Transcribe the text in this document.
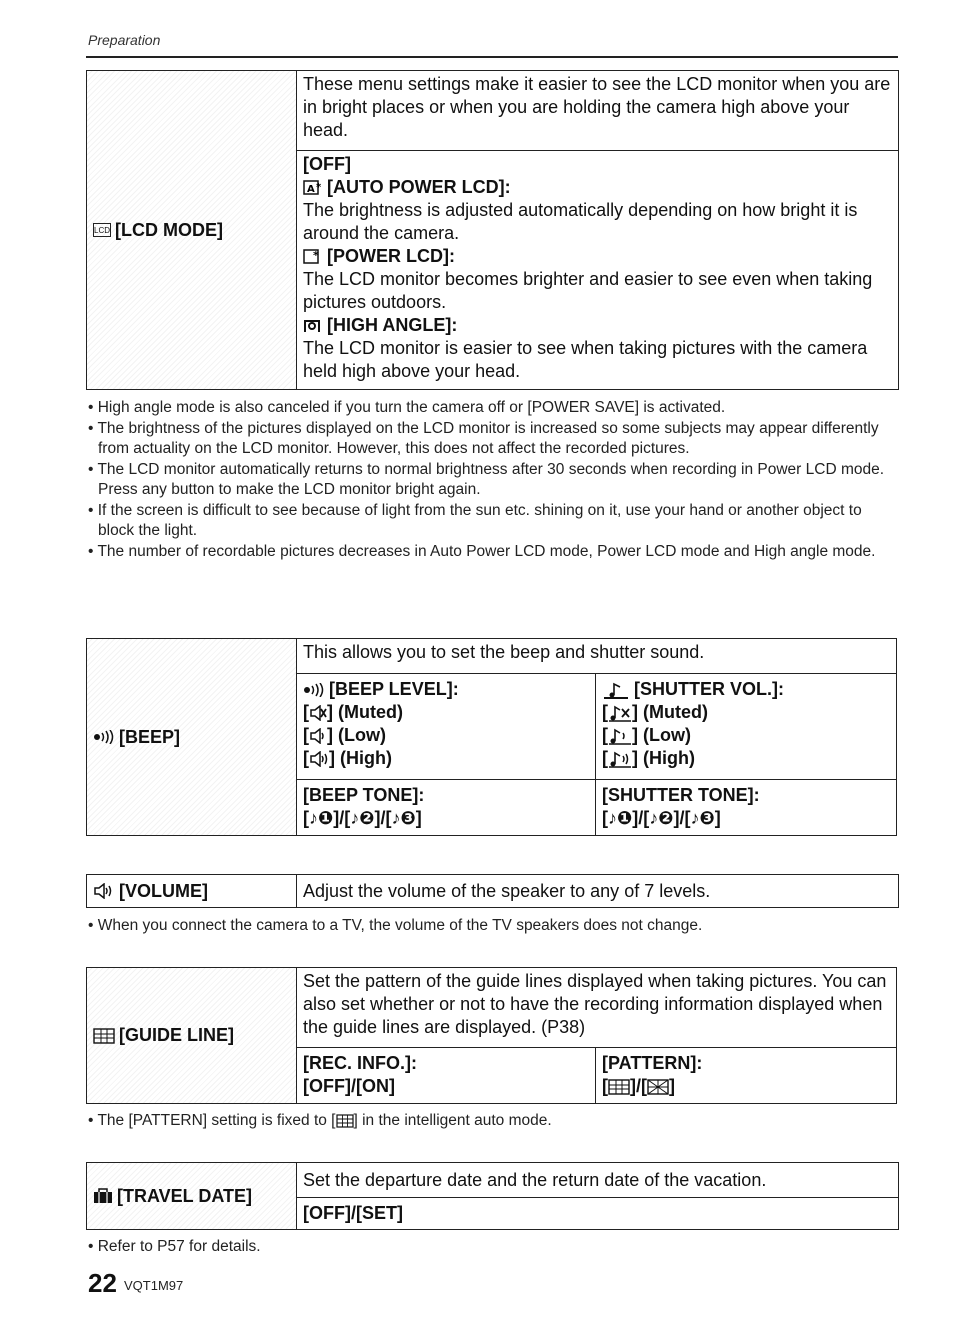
Preparation
LCD [LCD MODE]
These menu settings make it easier to see the LCD monitor when you are in bright places or when you are holding the camera high above your head.
[OFF]
A * [AUTO POWER LCD]:
The brightness is adjusted automatically depending on how bright it is around the camera.
* [POWER LCD]:
The LCD monitor becomes brighter and easier to see even when taking pictures outdoors.
[HIGH ANGLE]:
The LCD monitor is easier to see when taking pictures with the camera held high above your head.

• High angle mode is also canceled if you turn the camera off or [POWER SAVE] is activated.

• The brightness of the pictures displayed on the LCD monitor is increased so some subjects may appear differently from actuality on the LCD monitor. However, this does not affect the recorded pictures.

• The LCD monitor automatically returns to normal brightness after 30 seconds when recording in Power LCD mode. Press any button to make the LCD monitor bright again.

• If the screen is difficult to see because of light from the sun etc. shining on it, use your hand or another object to block the light.

• The number of recordable pictures decreases in Auto Power LCD mode, Power LCD mode and High angle mode.

[BEEP]
This allows you to set the beep and shutter sound.
[BEEP LEVEL]:
[ ] (Muted)
[ ] (Low)
[ ] (High)
[SHUTTER VOL.]:
[ ] (Muted)
[ ] (Low)
[ ] (High)
[BEEP TONE]:
[♪❶]/[♪❷]/[♪❸]
[SHUTTER TONE]:
[♪❶]/[♪❷]/[♪❸]
[VOLUME]	Adjust the volume of the speaker to any of 7 levels.

• When you connect the camera to a TV, the volume of the TV speakers does not change.

[GUIDE LINE]
Set the pattern of the guide lines displayed when taking pictures. You can also set whether or not to have the recording information displayed when the guide lines are displayed. (P38)
[REC. INFO.]:
[OFF]/[ON]
[PATTERN]:
[ ]/[ ]

• The [PATTERN] setting is fixed to [ ] in the intelligent auto mode.

[TRAVEL DATE]
Set the departure date and the return date of the vacation.
[OFF]/[SET]

• Refer to P57 for details.

22 VQT1M97
